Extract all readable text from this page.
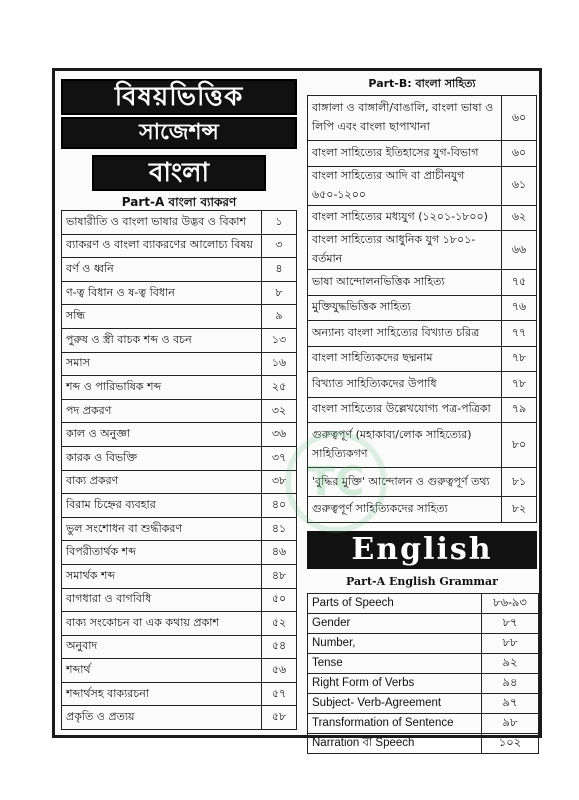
বিষয়ভিত্তিক
সাজেশন্স
বাংলা
Part-A বাংলা ব্যাকরণ
ভাষারীতি ও বাংলা ভাষার উদ্ভব ও বিকাশ	১
ব্যাকরণ ও বাংলা ব্যাকরণের আলোচ্য বিষয়	৩
বর্ণ ও ধ্বনি	৪
ণ-ত্ব বিধান ও ষ-ত্ব বিধান	৮
সন্ধি	৯
পুরুষ ও স্ত্রী বাচক শব্দ ও বচন	১৩
সমাস	১৬
শব্দ ও পারিভাষিক শব্দ	২৫
পদ প্রকরণ	৩২
কাল ও অনুজ্ঞা	৩৬
কারক ও বিভক্তি	৩৭
বাক্য প্রকরণ	৩৮
বিরাম চিহ্নের ব্যবহার	৪০
ভুল সংশোধন বা শুদ্ধীকরণ	৪১
বিপরীতার্থক শব্দ	৪৬
সমার্থক শব্দ	৪৮
বাগধারা ও বাগবিধি	৫০
বাক্য সংকোচন বা এক কথায় প্রকাশ	৫২
অনুবাদ	৫৪
শব্দার্থ	৫৬
শব্দার্থসহ বাক্যরচনা	৫৭
প্রকৃতি ও প্রত্যয়	৫৮
Part-B: বাংলা সাহিত্য
বাঙ্গালা ও বাঙ্গালী/বাঙালি, বাংলা ভাষা ও লিপি এবং বাংলা ছাপাখানা	৬০
বাংলা সাহিত্যের ইতিহাসের যুগ-বিভাগ	৬০
বাংলা সাহিত্যের আদি বা প্রাচীনযুগ ৬৫০-১২০০	৬১
বাংলা সাহিত্যের মধ্যযুগ (১২০১-১৮০০)	৬২
বাংলা সাহিত্যের আধুনিক যুগ ১৮০১-বর্তমান	৬৬
ভাষা আন্দোলনভিত্তিক সাহিত্য	৭৫
মুক্তিযুদ্ধভিত্তিক সাহিত্য	৭৬
অন্যান্য বাংলা সাহিত্যের বিখ্যাত চরিত্র	৭৭
বাংলা সাহিত্যিকদের ছদ্মনাম	৭৮
বিখ্যাত সাহিত্যিকদের উপাধি	৭৮
বাংলা সাহিত্যের উল্লেখযোগ্য পত্র-পত্রিকা	৭৯
গুরুত্বপূর্ণ (মহাকাব্য/লোক সাহিত্যের) সাহিত্যিকগণ	৮০
'বুদ্ধির মুক্তি' আন্দোলন ও গুরুত্বপূর্ণ তথ্য	৮১
গুরুত্বপূর্ণ সাহিত্যিকদের সাহিত্য	৮২
English
Part-A English Grammar
Parts of Speech	৮৬-৯৩
Gender	৮৭
Number,	৮৮
Tense	৯২
Right Form of Verbs	৯৪
Subject- Verb-Agreement	৯৭
Transformation of Sentence	৯৮
Narration বা Speech	১০২
TC
